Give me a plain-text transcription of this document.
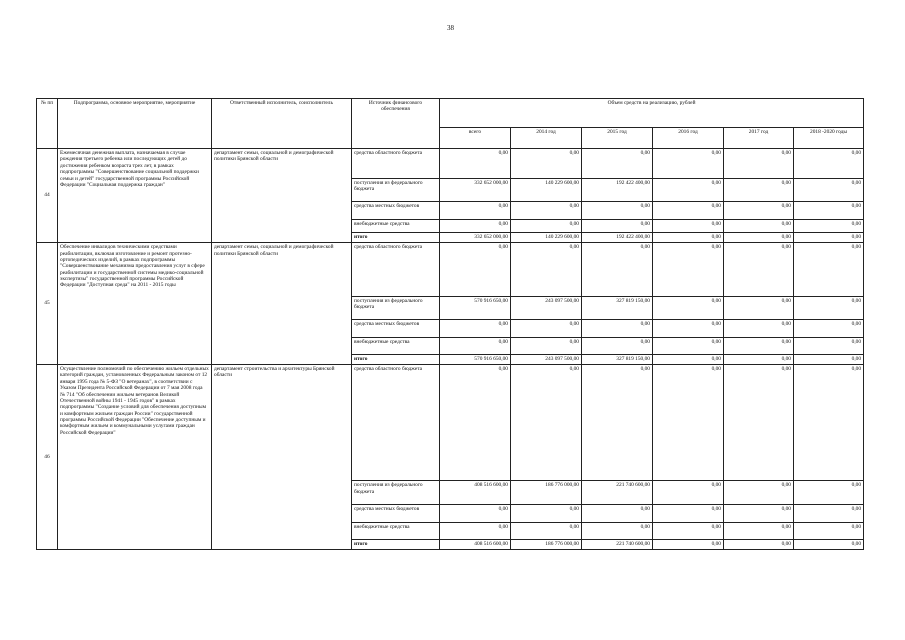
38
№ пп	Подпрограмма, основное мероприятие, мероприятие	Ответственный исполнитель, соисполнитель	Источник финансового обеспечения	Объем средств на реализацию, рублей					
				всего	2014 год	2015 год	2016 год	2017 год	2018 -2020 годы
44	Ежемесячная денежная выплата, назначаемая в случае рождения третьего ребенка или последующих детей до достижения ребенком возраста трех лет, в рамках подпрограммы "Совершенствование социальной поддержки семьи и детей" государственной программы Российской Федерации "Социальная поддержка граждан"	департамент семьи, социальной и демографической политики Брянской области	средства областного бюджета	0,00	0,00	0,00	0,00	0,00	0,00
			поступления из федерального бюджета	332 652 000,00	140 229 600,00	192 422 400,00	0,00	0,00	0,00
			средства местных бюджетов	0,00	0,00	0,00	0,00	0,00	0,00
			внебюджетные средства	0,00	0,00	0,00	0,00	0,00	0,00
			итого	332 652 000,00	140 229 600,00	192 422 400,00	0,00	0,00	0,00
45	Обеспечение инвалидов техническими средствами реабилитации, включая изготовление и ремонт протезно-ортопедических изделий, в рамках подпрограммы "Совершенствование механизма предоставления услуг в сфере реабилитации и государственной системы медико-социальной экспертизы" государственной программы Российской Федерации "Доступная среда" на 2011 - 2015 годы	департамент семьи, социальной и демографической политики Брянской области	средства областного бюджета	0,00	0,00	0,00	0,00	0,00	0,00
			поступления из федерального бюджета	570 916 650,00	243 097 500,00	327 819 150,00	0,00	0,00	0,00
			средства местных бюджетов	0,00	0,00	0,00	0,00	0,00	0,00
			внебюджетные средства	0,00	0,00	0,00	0,00	0,00	0,00
			итого	570 916 650,00	243 097 500,00	327 819 150,00	0,00	0,00	0,00
46	Осуществление полномочий по обеспечению жильем отдельных категорий граждан, установленных Федеральным законом от 12 января 1995 года № 5-ФЗ "О ветеранах", в соответствии с Указом Президента Российской Федерации от 7 мая 2008 года № 714 "Об обеспечении жильем ветеранов Великой Отечественной войны 1941 - 1945 годов" в рамках подпрограммы "Создание условий для обеспечения доступным и комфортным жильем граждан России" государственной программы Российской Федерации "Обеспечение доступным и комфортным жильем и коммунальными услугами граждан Российской Федерации"	департамент строительства и архитектуры Брянской области	средства областного бюджета	0,00	0,00	0,00	0,00	0,00	0,00
			поступления из федерального бюджета	408 516 600,00	186 776 000,00	221 740 600,00	0,00	0,00	0,00
			средства местных бюджетов	0,00	0,00	0,00	0,00	0,00	0,00
			внебюджетные средства	0,00	0,00	0,00	0,00	0,00	0,00
			итого	408 516 600,00	186 776 000,00	221 740 600,00	0,00	0,00	0,00
